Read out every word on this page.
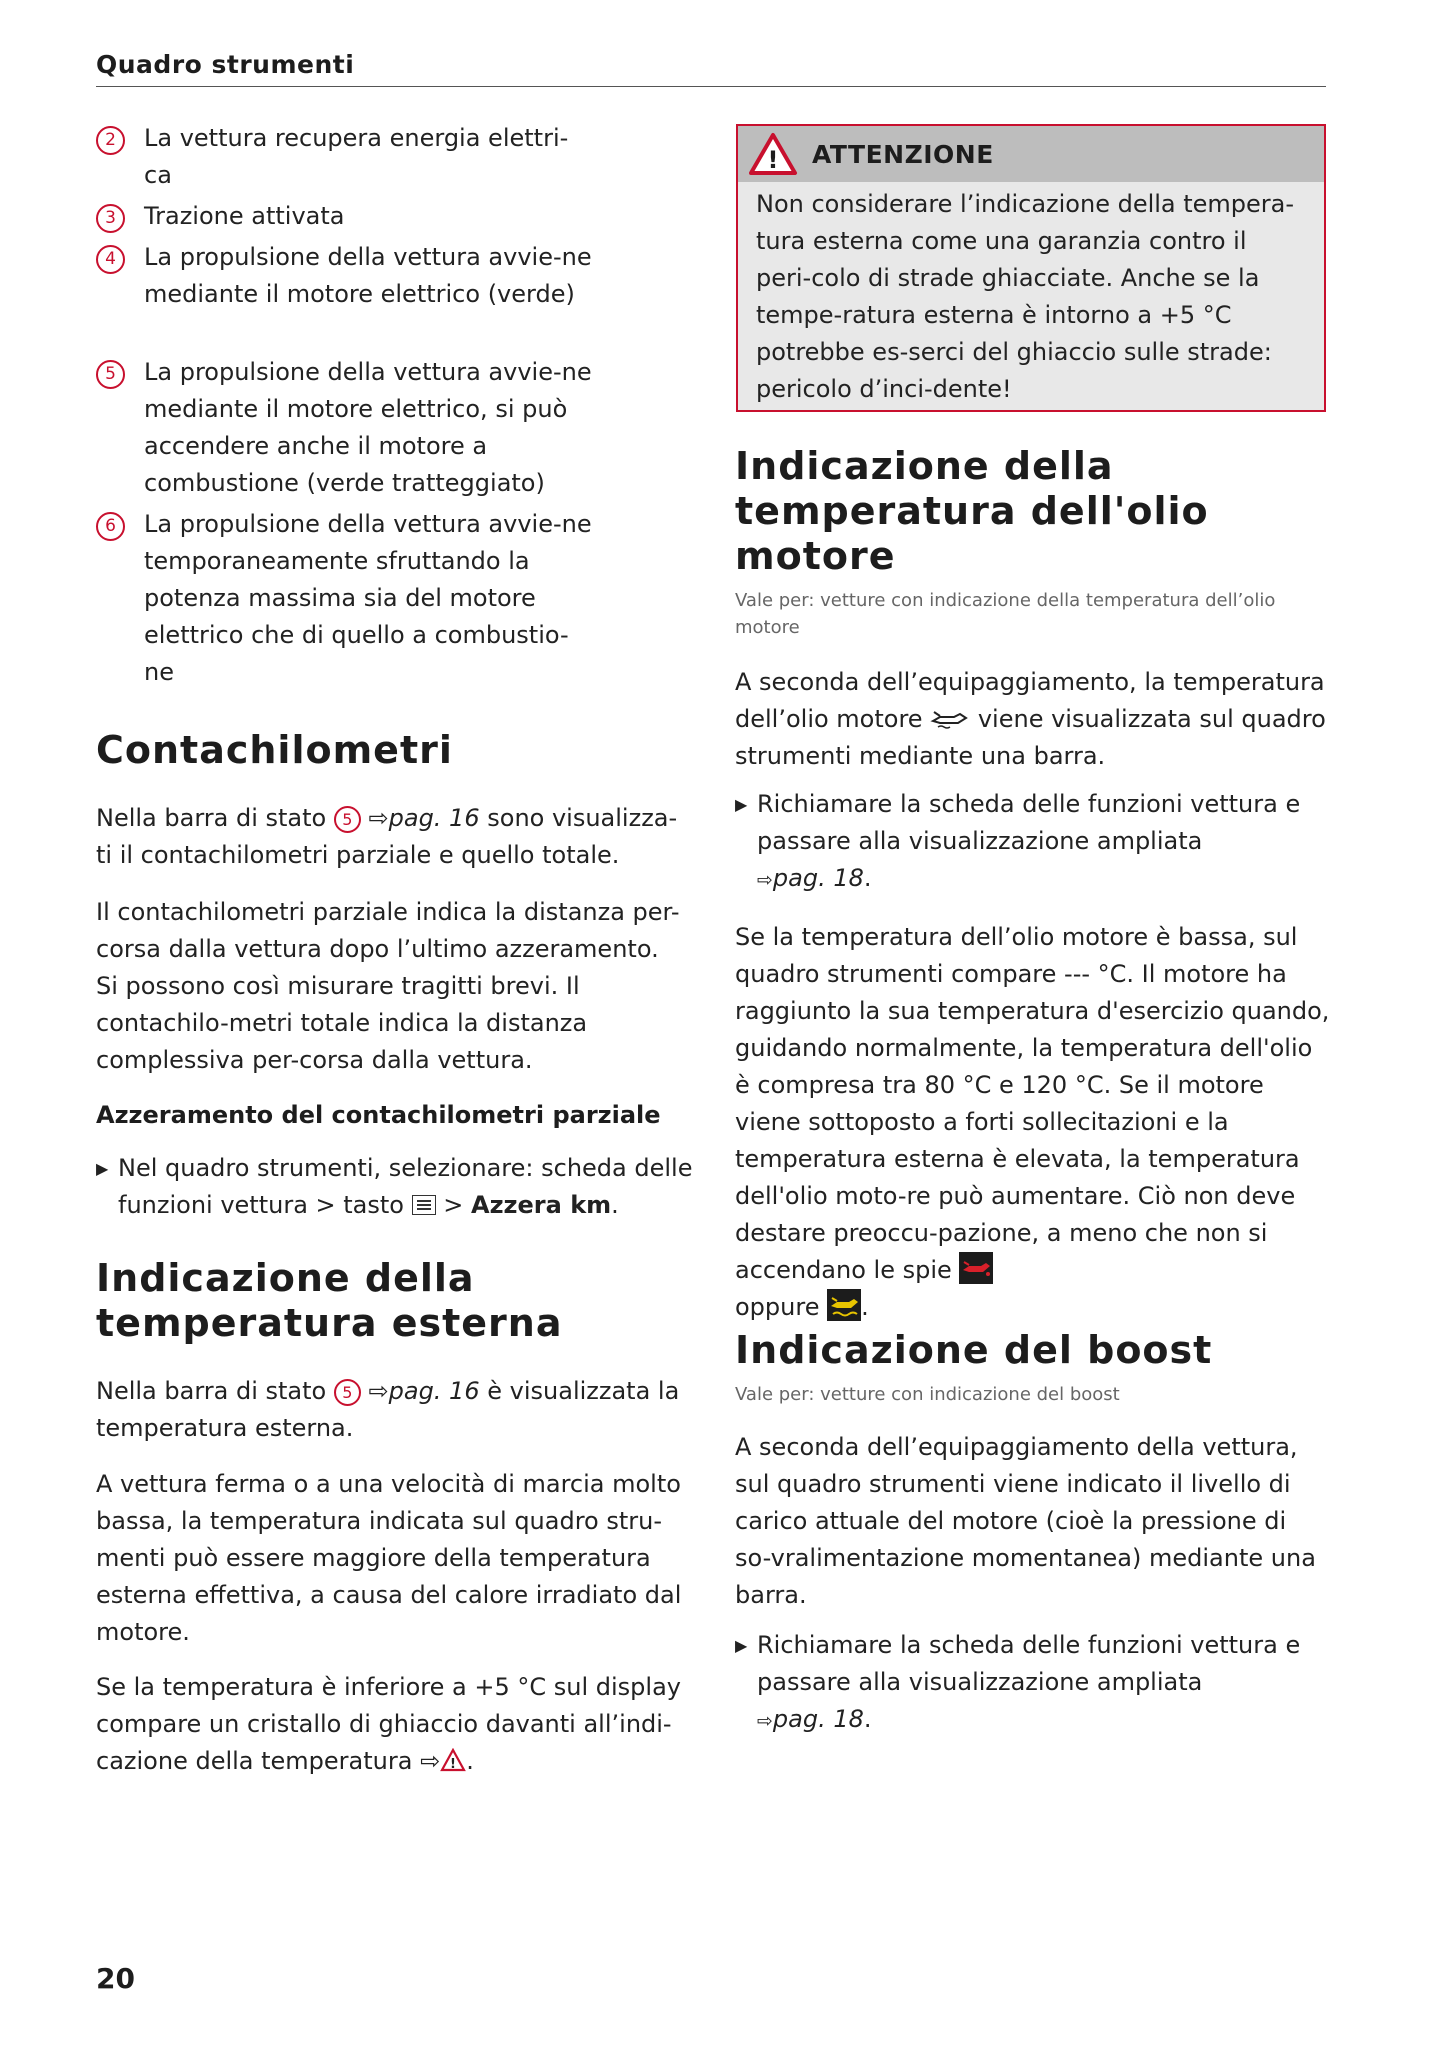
Quadro strumenti
2	La vettura recupera energia elettri-ca
3	Trazione attivata
4	La propulsione della vettura avvie-ne mediante il motore elettrico (verde)
5	La propulsione della vettura avvie-ne mediante il motore elettrico, si può accendere anche il motore a combustione (verde tratteggiato)
6	La propulsione della vettura avvie-ne temporaneamente sfruttando la potenza massima sia del motore elettrico che di quello a combustio-ne
Contachilometri

Nella barra di stato 5 ⇨pag. 16 sono visualizza-ti il contachilometri parziale e quello totale.

Il contachilometri parziale indica la distanza per-corsa dalla vettura dopo l’ultimo azzeramento. Si possono così misurare tragitti brevi. Il contachilo-metri totale indica la distanza complessiva per-corsa dalla vettura.

Azzeramento del contachilometri parziale
▶ Nel quadro strumenti, selezionare: scheda delle funzioni vettura > tasto > Azzera km.
Indicazione della
temperatura esterna

Nella barra di stato 5 ⇨pag. 16 è visualizzata la temperatura esterna.

A vettura ferma o a una velocità di marcia molto bassa, la temperatura indicata sul quadro stru-menti può essere maggiore della temperatura esterna effettiva, a causa del calore irradiato dal motore.

Se la temperatura è inferiore a +5 °C sul display compare un cristallo di ghiaccio davanti all’indi-cazione della temperatura ⇨ ! .

! ATTENZIONE
Non considerare l’indicazione della tempera-tura esterna come una garanzia contro il peri-colo di strade ghiacciate. Anche se la tempe-ratura esterna è intorno a +5 °C potrebbe es-serci del ghiaccio sulle strade: pericolo d’inci-dente!
Indicazione della
temperatura dell'olio
motore

Vale per: vetture con indicazione della temperatura dell’olio motore

A seconda dell’equipaggiamento, la temperatura dell’olio motore viene visualizzata sul quadro strumenti mediante una barra.

▶ Richiamare la scheda delle funzioni vettura e passare alla visualizzazione ampliata
⇨pag. 18.

Se la temperatura dell’olio motore è bassa, sul quadro strumenti compare --- °C. Il motore ha raggiunto la sua temperatura d'esercizio quando, guidando normalmente, la temperatura dell'olio è compresa tra 80 °C e 120 °C. Se il motore viene sottoposto a forti sollecitazioni e la temperatura esterna è elevata, la temperatura dell'olio moto-re può aumentare. Ciò non deve destare preoccu-pazione, a meno che non si accendano le spie
oppure .

Indicazione del boost

Vale per: vetture con indicazione del boost

A seconda dell’equipaggiamento della vettura, sul quadro strumenti viene indicato il livello di carico attuale del motore (cioè la pressione di so-vralimentazione momentanea) mediante una barra.

▶ Richiamare la scheda delle funzioni vettura e passare alla visualizzazione ampliata
⇨pag. 18.
20
